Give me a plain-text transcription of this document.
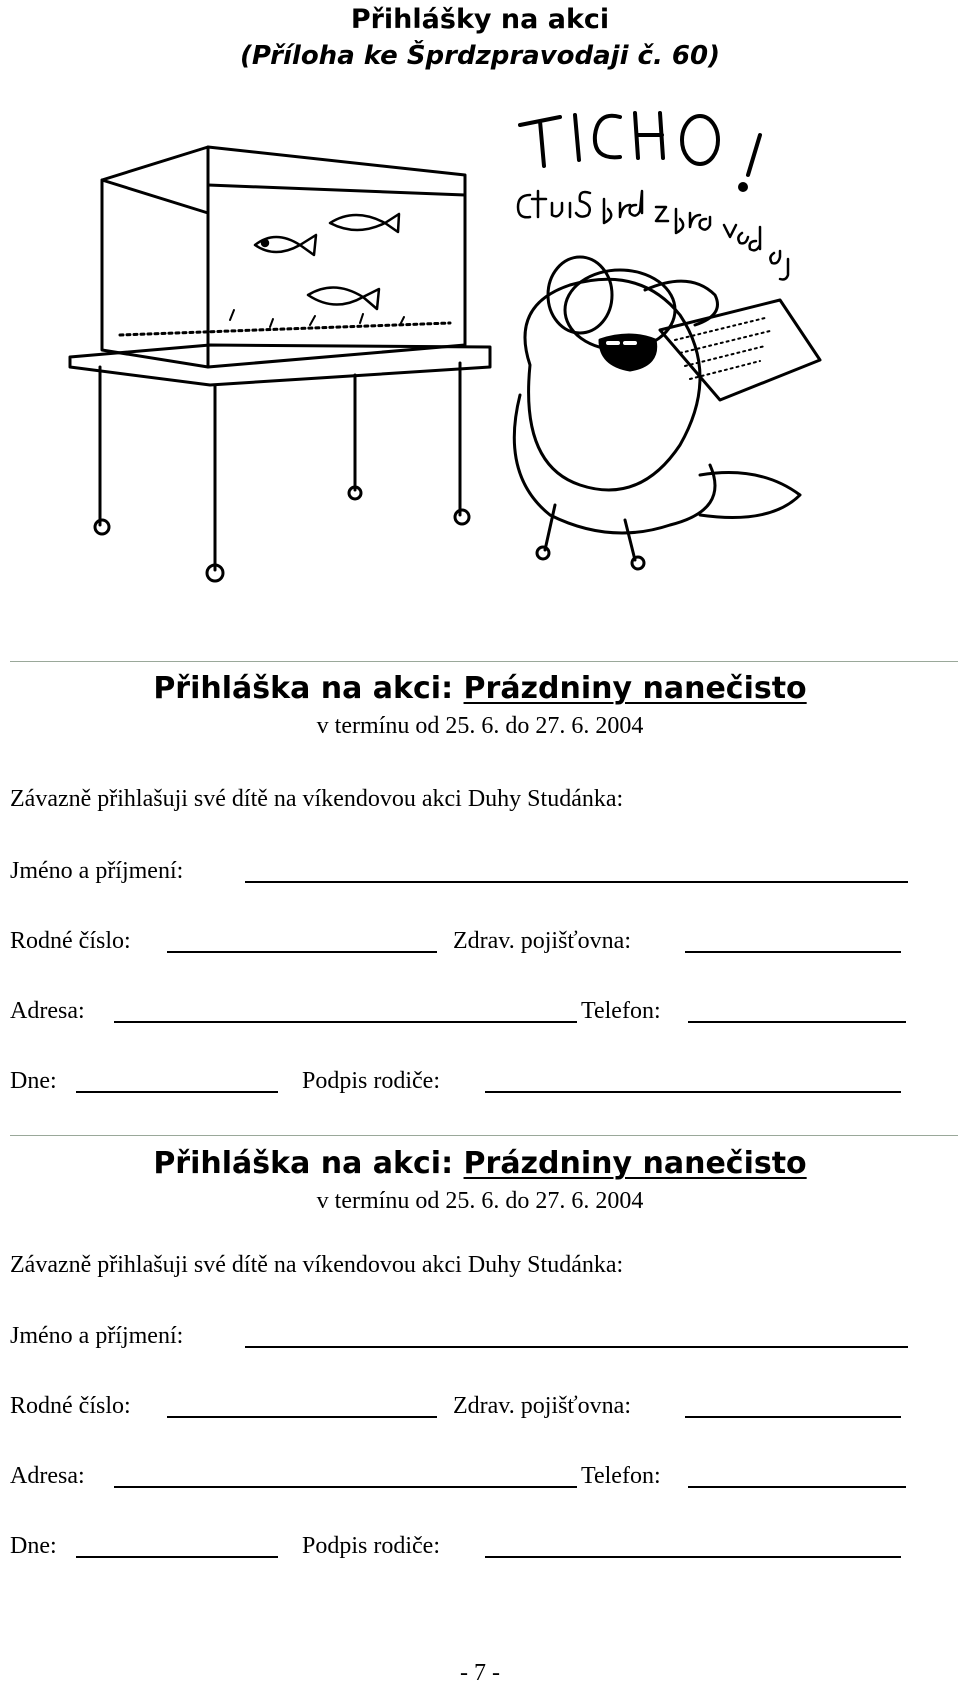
Přihlášky na akci
(Příloha ke Šprdzpravodaji č. 60)
Přihláška na akci: Prázdniny nanečisto
v termínu od 25. 6. do 27. 6. 2004
Závazně přihlašuji své dítě na víkendovou akci Duhy Studánka:
Jméno a příjmení:
Rodné číslo:	Zdrav. pojišťovna:
Adresa:	Telefon:
Dne:	Podpis rodiče:
Přihláška na akci: Prázdniny nanečisto
v termínu od 25. 6. do 27. 6. 2004
Závazně přihlašuji své dítě na víkendovou akci Duhy Studánka:
Jméno a příjmení:
Rodné číslo:	Zdrav. pojišťovna:
Adresa:	Telefon:
Dne:	Podpis rodiče:
- 7 -
